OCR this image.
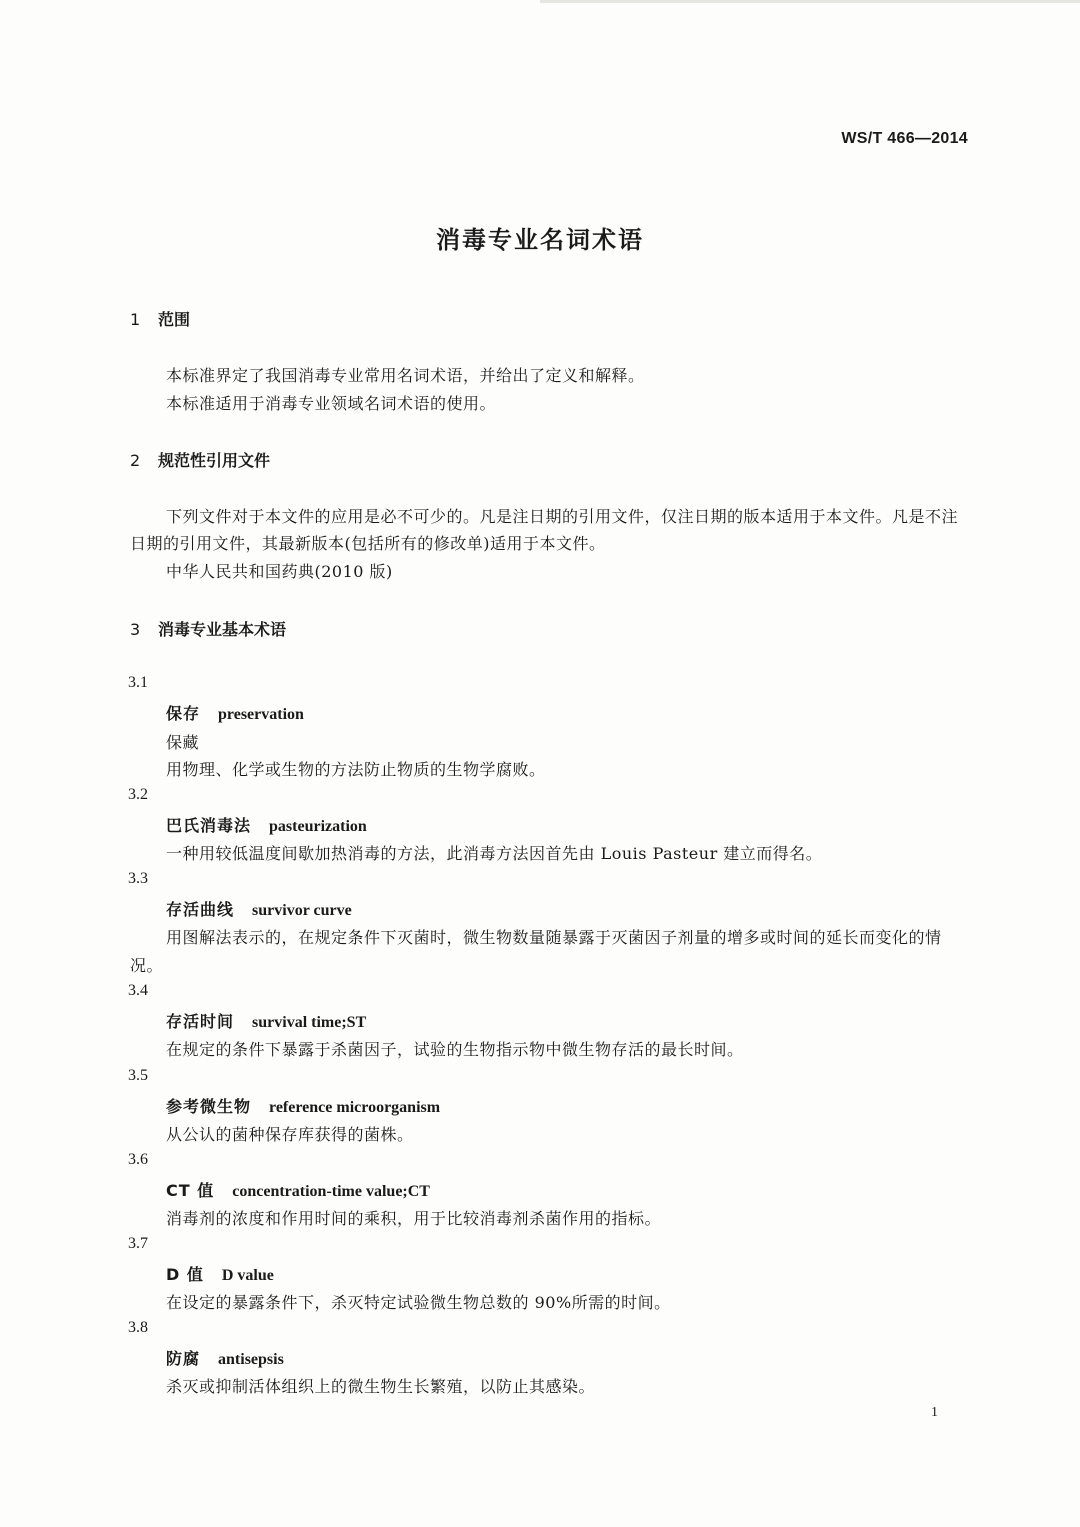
WS/T 466—2014
消毒专业名词术语
1 范围
本标准界定了我国消毒专业常用名词术语，并给出了定义和解释。
本标准适用于消毒专业领域名词术语的使用。
2 规范性引用文件
下列文件对于本文件的应用是必不可少的。凡是注日期的引用文件，仅注日期的版本适用于本文件。凡是不注日期的引用文件，其最新版本(包括所有的修改单)适用于本文件。
中华人民共和国药典(2010 版)
3 消毒专业基本术语
3.1
保存 preservation
保藏
用物理、化学或生物的方法防止物质的生物学腐败。
3.2
巴氏消毒法 pasteurization
一种用较低温度间歇加热消毒的方法，此消毒方法因首先由 Louis Pasteur 建立而得名。
3.3
存活曲线 survivor curve
用图解法表示的，在规定条件下灭菌时，微生物数量随暴露于灭菌因子剂量的增多或时间的延长而变化的情况。
3.4
存活时间 survival time;ST
在规定的条件下暴露于杀菌因子，试验的生物指示物中微生物存活的最长时间。
3.5
参考微生物 reference microorganism
从公认的菌种保存库获得的菌株。
3.6
CT 值 concentration-time value;CT
消毒剂的浓度和作用时间的乘积，用于比较消毒剂杀菌作用的指标。
3.7
D 值 D value
在设定的暴露条件下，杀灭特定试验微生物总数的 90%所需的时间。
3.8
防腐 antisepsis
杀灭或抑制活体组织上的微生物生长繁殖，以防止其感染。
1
